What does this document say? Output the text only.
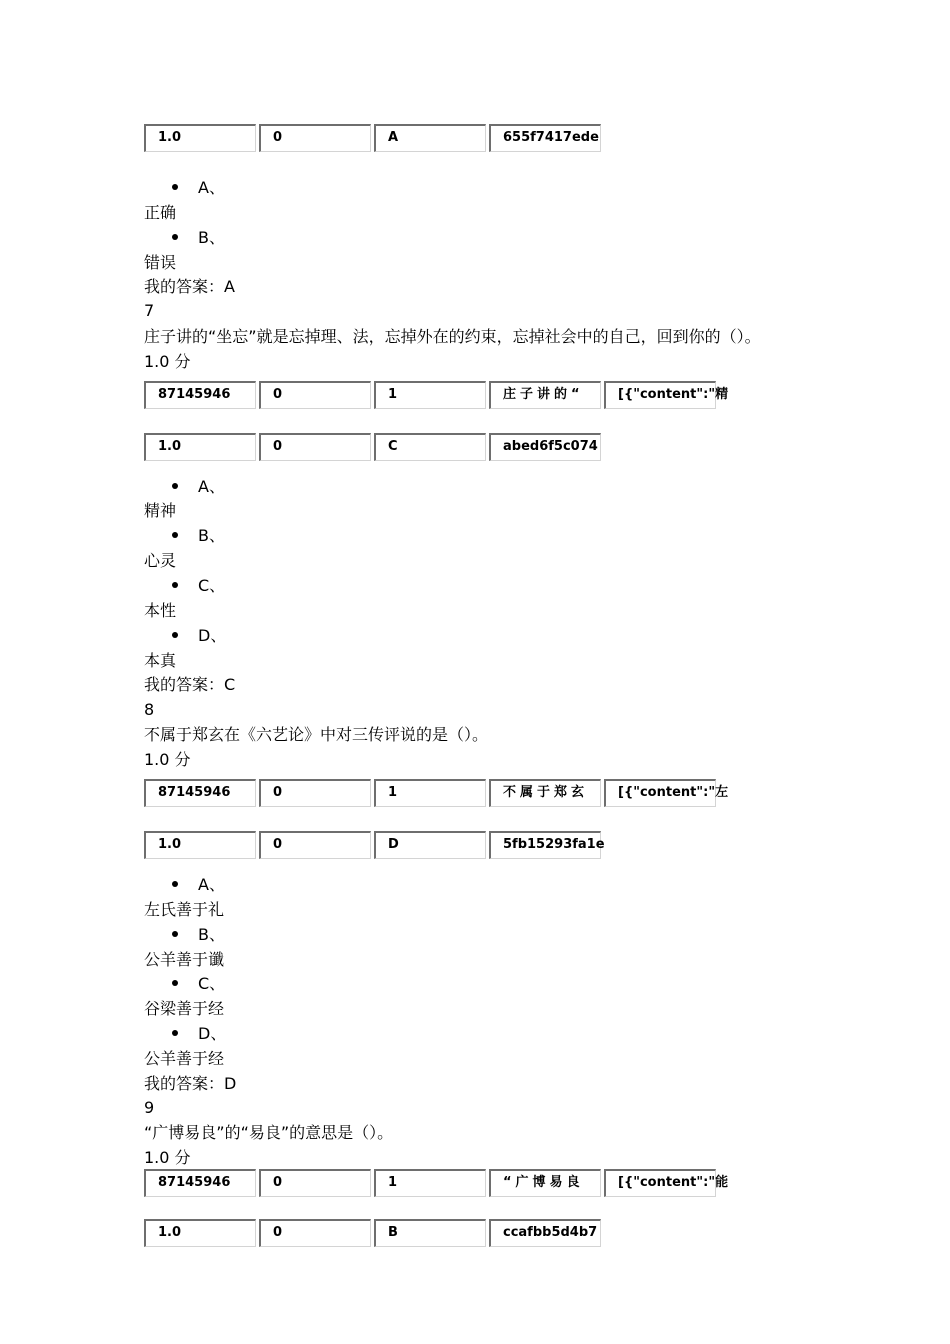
1.0	0	A	655f7417ede
A、
正确
B、
错误
我的答案：A
7
庄子讲的“坐忘”就是忘掉理、法，忘掉外在的约束，忘掉社会中的自己，回到你的（）。
1.0 分
87145946	0	1	庄子讲的“	[{"content":"精
1.0	0	C	abed6f5c074
A、
精神
B、
心灵
C、
本性
D、
本真
我的答案：C
8
不属于郑玄在《六艺论》中对三传评说的是（）。
1.0 分
87145946	0	1	不属于郑玄	[{"content":"左
1.0	0	D	5fb15293fa1e
A、
左氏善于礼
B、
公羊善于谶
C、
谷梁善于经
D、
公羊善于经
我的答案：D
9
“广博易良”的“易良”的意思是（）。
1.0 分
87145946	0	1	“广博易良	[{"content":"能
1.0	0	B	ccafbb5d4b7
